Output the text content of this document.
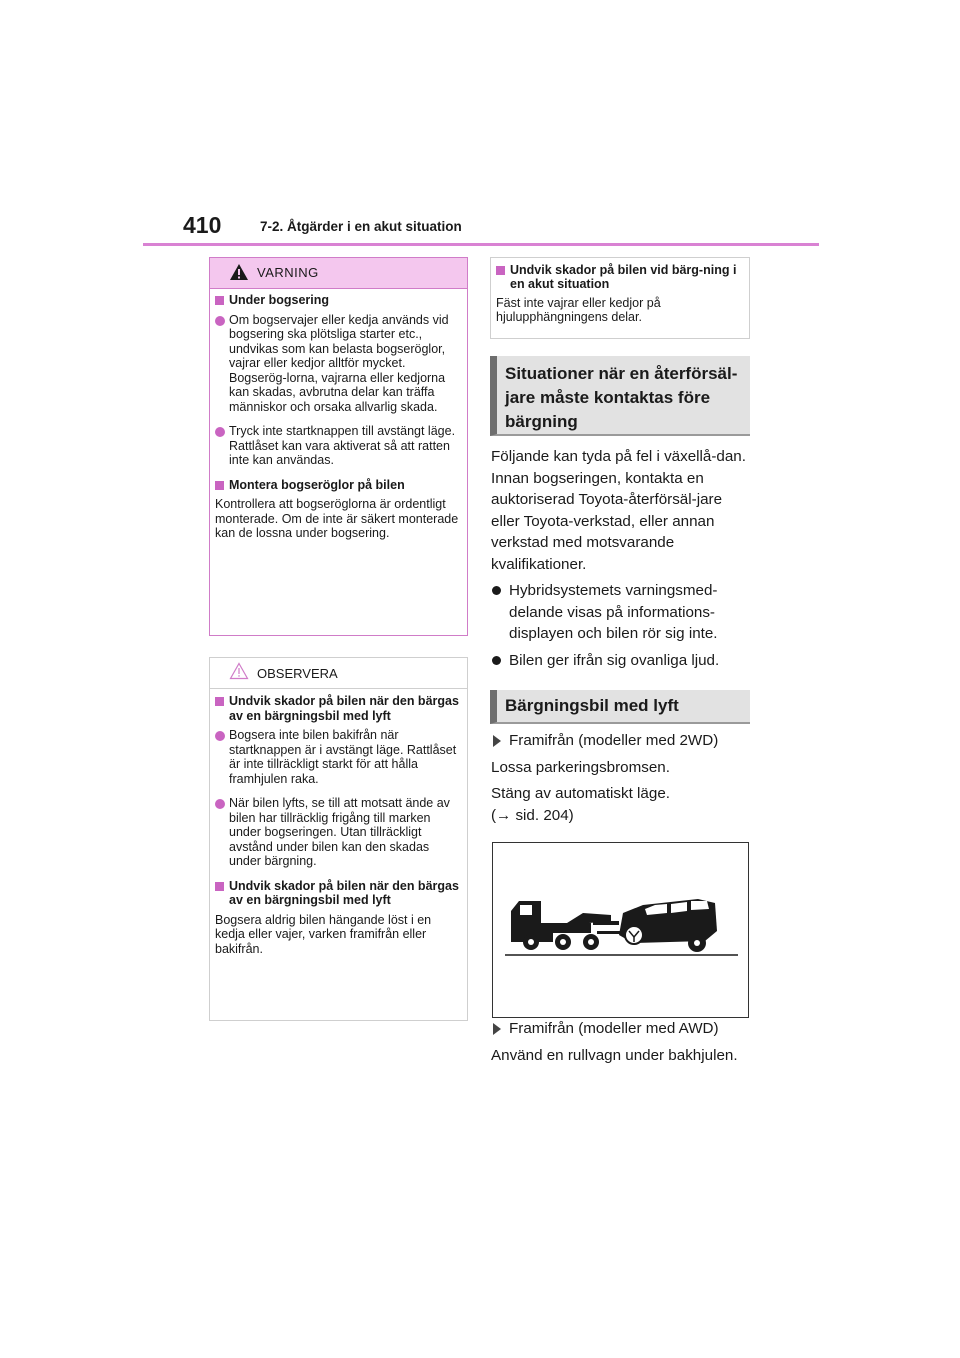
410	7-2. Åtgärder i en akut situation
VARNING
Under bogsering
Om bogservajer eller kedja används vid bogsering ska plötsliga starter etc., undvikas som kan belasta bogseröglor, vajrar eller kedjor alltför mycket. Bogserög-lorna, vajrarna eller kedjorna kan skadas, avbrutna delar kan träffa människor och orsaka allvarlig skada.
Tryck inte startknappen till avstängt läge.
Rattlåset kan vara aktiverat så att ratten inte kan användas.
Montera bogseröglor på bilen
Kontrollera att bogseröglorna är ordentligt monterade. Om de inte är säkert monterade kan de lossna under bogsering.
OBSERVERA
Undvik skador på bilen när den bärgas av en bärgningsbil med lyft
Bogsera inte bilen bakifrån när startknappen är i avstängt läge. Rattlåset är inte tillräckligt starkt för att hålla framhjulen raka.
När bilen lyfts, se till att motsatt ände av bilen har tillräcklig frigång till marken under bogseringen. Utan tillräckligt avstånd under bilen kan den skadas under bärgning.
Undvik skador på bilen när den bärgas av en bärgningsbil med lyft
Bogsera aldrig bilen hängande löst i en kedja eller vajer, varken framifrån eller bakifrån.
Undvik skador på bilen vid bärg-ning i en akut situation
Fäst inte vajrar eller kedjor på hjulupphängningens delar.
Situationer när en återförsäl-jare måste kontaktas före bärgning
Följande kan tyda på fel i växellå-dan. Innan bogseringen, kontakta en auktoriserad Toyota-återförsäl-jare eller Toyota-verkstad, eller annan verkstad med motsvarande kvalifikationer.
Hybridsystemets varningsmed-delande visas på informations-displayen och bilen rör sig inte.
Bilen ger ifrån sig ovanliga ljud.
Bärgningsbil med lyft
Framifrån (modeller med 2WD)
Lossa parkeringsbromsen.
Stäng av automatiskt läge.
(→ sid. 204)
Framifrån (modeller med AWD)
Använd en rullvagn under bakhjulen.
